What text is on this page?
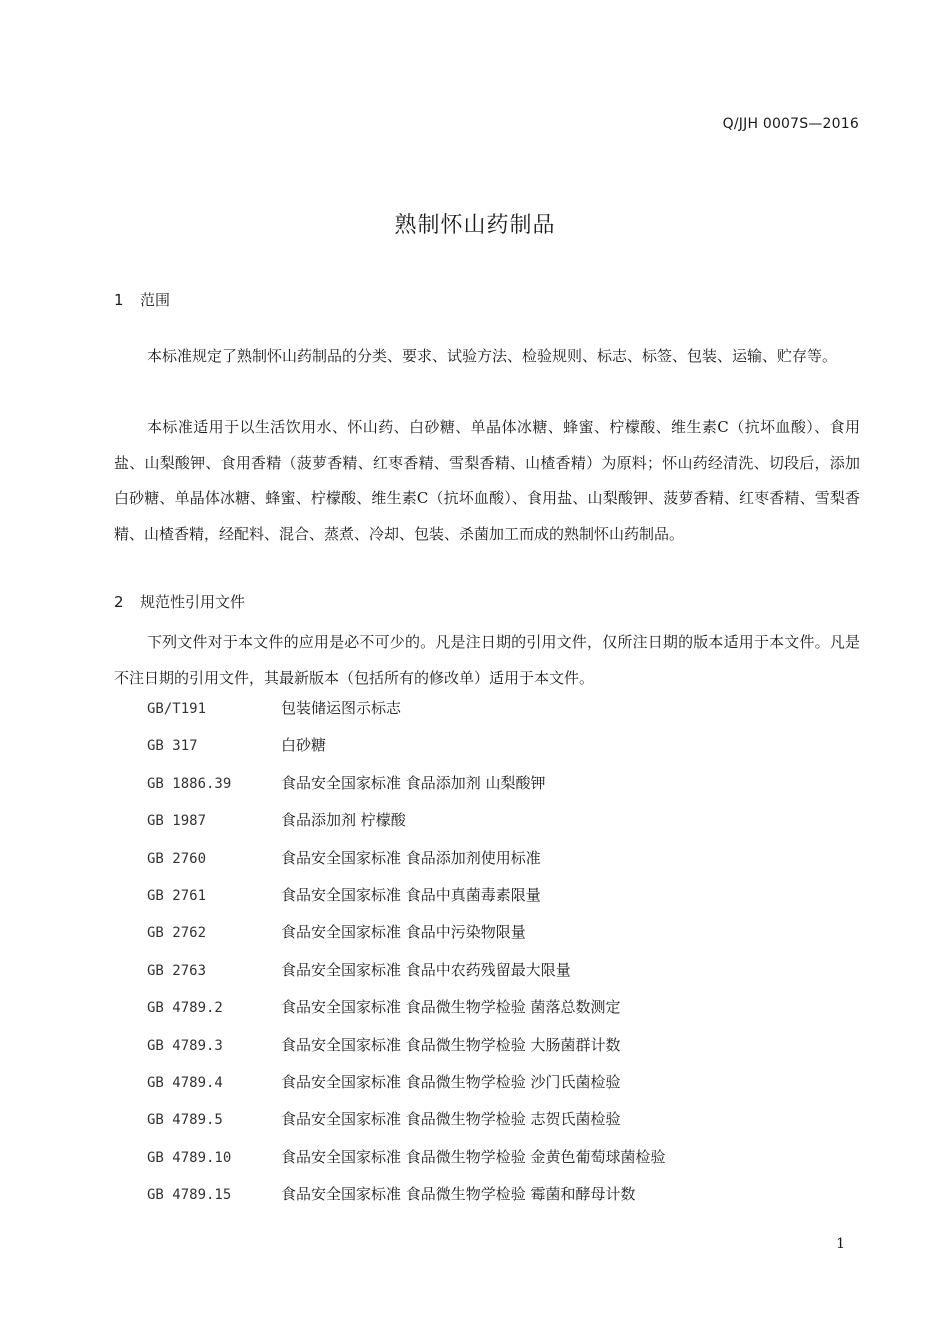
Q/JJH 0007S—2016
熟制怀山药制品
1 范围

本标准规定了熟制怀山药制品的分类、要求、试验方法、检验规则、标志、标签、包装、运输、贮存等。

本标准适用于以生活饮用水、怀山药、白砂糖、单晶体冰糖、蜂蜜、柠檬酸、维生素C（抗坏血酸）、食用盐、山梨酸钾、食用香精（菠萝香精、红枣香精、雪梨香精、山楂香精）为原料；怀山药经清洗、切段后，添加白砂糖、单晶体冰糖、蜂蜜、柠檬酸、维生素C（抗坏血酸）、食用盐、山梨酸钾、菠萝香精、红枣香精、雪梨香精、山楂香精，经配料、混合、蒸煮、冷却、包装、杀菌加工而成的熟制怀山药制品。

2 规范性引用文件

下列文件对于本文件的应用是必不可少的。凡是注日期的引用文件，仅所注日期的版本适用于本文件。凡是不注日期的引用文件，其最新版本（包括所有的修改单）适用于本文件。

GB/T191	包装储运图示标志
GB 317	白砂糖
GB 1886.39	食品安全国家标准 食品添加剂 山梨酸钾
GB 1987	食品添加剂 柠檬酸
GB 2760	食品安全国家标准 食品添加剂使用标准
GB 2761	食品安全国家标准 食品中真菌毒素限量
GB 2762	食品安全国家标准 食品中污染物限量
GB 2763	食品安全国家标准 食品中农药残留最大限量
GB 4789.2	食品安全国家标准 食品微生物学检验 菌落总数测定
GB 4789.3	食品安全国家标准 食品微生物学检验 大肠菌群计数
GB 4789.4	食品安全国家标准 食品微生物学检验 沙门氏菌检验
GB 4789.5	食品安全国家标准 食品微生物学检验 志贺氏菌检验
GB 4789.10	食品安全国家标准 食品微生物学检验 金黄色葡萄球菌检验
GB 4789.15	食品安全国家标准 食品微生物学检验 霉菌和酵母计数
1
